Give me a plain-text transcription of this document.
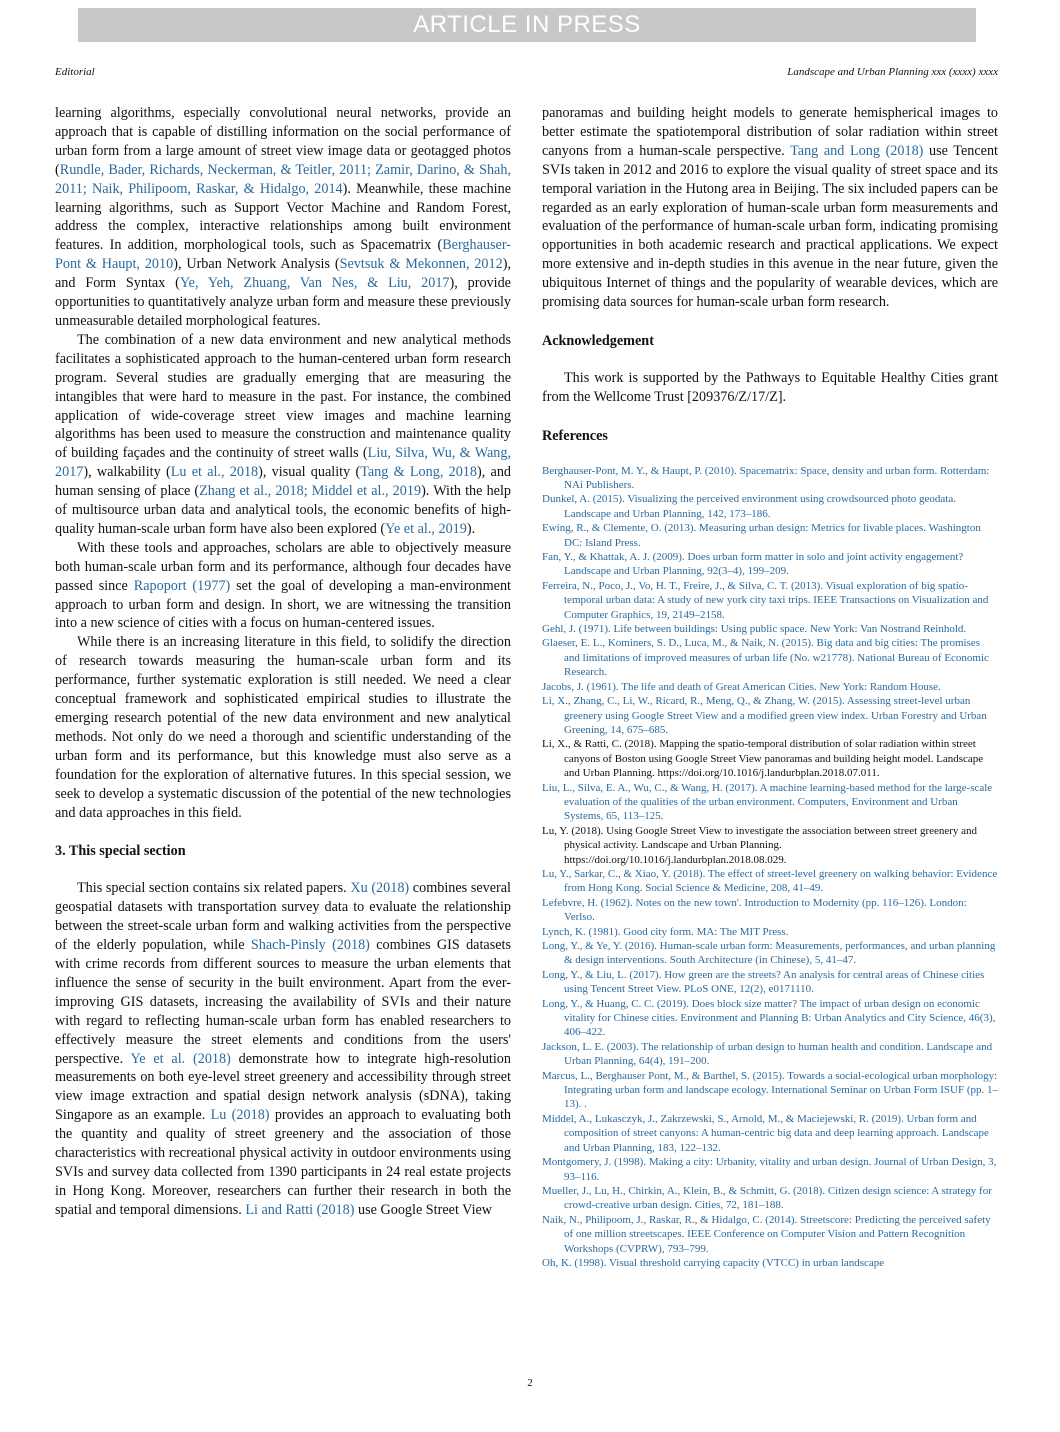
ARTICLE IN PRESS
Editorial	Landscape and Urban Planning xxx (xxxx) xxxx

learning algorithms, especially convolutional neural networks, provide an approach that is capable of distilling information on the social performance of urban form from a large amount of street view image data or geotagged photos (Rundle, Bader, Richards, Neckerman, & Teitler, 2011; Zamir, Darino, & Shah, 2011; Naik, Philipoom, Raskar, & Hidalgo, 2014). Meanwhile, these machine learning algorithms, such as Support Vector Machine and Random Forest, address the complex, interactive relationships among built environment features. In addition, morphological tools, such as Spacematrix (Berghauser-Pont & Haupt, 2010), Urban Network Analysis (Sevtsuk & Mekonnen, 2012), and Form Syntax (Ye, Yeh, Zhuang, Van Nes, & Liu, 2017), provide opportunities to quantitatively analyze urban form and measure these previously unmeasurable detailed morphological features.

The combination of a new data environment and new analytical methods facilitates a sophisticated approach to the human-centered urban form research program. Several studies are gradually emerging that are measuring the intangibles that were hard to measure in the past. For instance, the combined application of wide-coverage street view images and machine learning algorithms has been used to measure the construction and maintenance quality of building façades and the continuity of street walls (Liu, Silva, Wu, & Wang, 2017), walkability (Lu et al., 2018), visual quality (Tang & Long, 2018), and human sensing of place (Zhang et al., 2018; Middel et al., 2019). With the help of multisource urban data and analytical tools, the economic benefits of high-quality human-scale urban form have also been explored (Ye et al., 2019).

With these tools and approaches, scholars are able to objectively measure both human-scale urban form and its performance, although four decades have passed since Rapoport (1977) set the goal of developing a man-environment approach to urban form and design. In short, we are witnessing the transition into a new science of cities with a focus on human-centered issues.

While there is an increasing literature in this field, to solidify the direction of research towards measuring the human-scale urban form and its performance, further systematic exploration is still needed. We need a clear conceptual framework and sophisticated empirical studies to illustrate the emerging research potential of the new data environment and new analytical methods. Not only do we need a thorough and scientific understanding of the urban form and its performance, but this knowledge must also serve as a foundation for the exploration of alternative futures. In this special session, we seek to develop a systematic discussion of the potential of the new technologies and data approaches in this field.

3. This special section

This special section contains six related papers. Xu (2018) combines several geospatial datasets with transportation survey data to evaluate the relationship between the street-scale urban form and walking activities from the perspective of the elderly population, while Shach-Pinsly (2018) combines GIS datasets with crime records from different sources to measure the urban elements that influence the sense of security in the built environment. Apart from the ever-improving GIS datasets, increasing the availability of SVIs and their nature with regard to reflecting human-scale urban form has enabled researchers to effectively measure the street elements and conditions from the users' perspective. Ye et al. (2018) demonstrate how to integrate high-resolution measurements on both eye-level street greenery and accessibility through street view image extraction and spatial design network analysis (sDNA), taking Singapore as an example. Lu (2018) provides an approach to evaluating both the quantity and quality of street greenery and the association of those characteristics with recreational physical activity in outdoor environments using SVIs and survey data collected from 1390 participants in 24 real estate projects in Hong Kong. Moreover, researchers can further their research in both the spatial and temporal dimensions. Li and Ratti (2018) use Google Street View

panoramas and building height models to generate hemispherical images to better estimate the spatiotemporal distribution of solar radiation within street canyons from a human-scale perspective. Tang and Long (2018) use Tencent SVIs taken in 2012 and 2016 to explore the visual quality of street space and its temporal variation in the Hutong area in Beijing. The six included papers can be regarded as an early exploration of human-scale urban form measurements and evaluation of the performance of human-scale urban form, indicating promising opportunities in both academic research and practical applications. We expect more extensive and in-depth studies in this avenue in the near future, given the ubiquitous Internet of things and the popularity of wearable devices, which are promising data sources for human-scale urban form research.

Acknowledgement

This work is supported by the Pathways to Equitable Healthy Cities grant from the Wellcome Trust [209376/Z/17/Z].

References
Berghauser-Pont, M. Y., & Haupt, P. (2010). Spacematrix: Space, density and urban form. Rotterdam: NAi Publishers.
Dunkel, A. (2015). Visualizing the perceived environment using crowdsourced photo geodata. Landscape and Urban Planning, 142, 173–186.
Ewing, R., & Clemente, O. (2013). Measuring urban design: Metrics for livable places. Washington DC: Island Press.
Fan, Y., & Khattak, A. J. (2009). Does urban form matter in solo and joint activity engagement? Landscape and Urban Planning, 92(3–4), 199–209.
Ferreira, N., Poco, J., Vo, H. T., Freire, J., & Silva, C. T. (2013). Visual exploration of big spatio-temporal urban data: A study of new york city taxi trips. IEEE Transactions on Visualization and Computer Graphics, 19, 2149–2158.
Gehl, J. (1971). Life between buildings: Using public space. New York: Van Nostrand Reinhold.
Glaeser, E. L., Kominers, S. D., Luca, M., & Naik, N. (2015). Big data and big cities: The promises and limitations of improved measures of urban life (No. w21778). National Bureau of Economic Research.
Jacobs, J. (1961). The life and death of Great American Cities. New York: Random House.
Li, X., Zhang, C., Li, W., Ricard, R., Meng, Q., & Zhang, W. (2015). Assessing street-level urban greenery using Google Street View and a modified green view index. Urban Forestry and Urban Greening, 14, 675–685.
Li, X., & Ratti, C. (2018). Mapping the spatio-temporal distribution of solar radiation within street canyons of Boston using Google Street View panoramas and building height model. Landscape and Urban Planning. https://doi.org/10.1016/j.landurbplan.2018.07.011.
Liu, L., Silva, E. A., Wu, C., & Wang, H. (2017). A machine learning-based method for the large-scale evaluation of the qualities of the urban environment. Computers, Environment and Urban Systems, 65, 113–125.
Lu, Y. (2018). Using Google Street View to investigate the association between street greenery and physical activity. Landscape and Urban Planning. https://doi.org/10.1016/j.landurbplan.2018.08.029.
Lu, Y., Sarkar, C., & Xiao, Y. (2018). The effect of street-level greenery on walking behavior: Evidence from Hong Kong. Social Science & Medicine, 208, 41–49.
Lefebvre, H. (1962). Notes on the new town'. Introduction to Modernity (pp. 116–126). London: Verlso.
Lynch, K. (1981). Good city form. MA: The MIT Press.
Long, Y., & Ye, Y. (2016). Human-scale urban form: Measurements, performances, and urban planning & design interventions. South Architecture (in Chinese), 5, 41–47.
Long, Y., & Liu, L. (2017). How green are the streets? An analysis for central areas of Chinese cities using Tencent Street View. PLoS ONE, 12(2), e0171110.
Long, Y., & Huang, C. C. (2019). Does block size matter? The impact of urban design on economic vitality for Chinese cities. Environment and Planning B: Urban Analytics and City Science, 46(3), 406–422.
Jackson, L. E. (2003). The relationship of urban design to human health and condition. Landscape and Urban Planning, 64(4), 191–200.
Marcus, L., Berghauser Pont, M., & Barthel, S. (2015). Towards a social-ecological urban morphology: Integrating urban form and landscape ecology. International Seminar on Urban Form ISUF (pp. 1–13). .
Middel, A., Lukasczyk, J., Zakrzewski, S., Arnold, M., & Maciejewski, R. (2019). Urban form and composition of street canyons: A human-centric big data and deep learning approach. Landscape and Urban Planning, 183, 122–132.
Montgomery, J. (1998). Making a city: Urbanity, vitality and urban design. Journal of Urban Design, 3, 93–116.
Mueller, J., Lu, H., Chirkin, A., Klein, B., & Schmitt, G. (2018). Citizen design science: A strategy for crowd-creative urban design. Cities, 72, 181–188.
Naik, N., Philipoom, J., Raskar, R., & Hidalgo, C. (2014). Streetscore: Predicting the perceived safety of one million streetscapes. IEEE Conference on Computer Vision and Pattern Recognition Workshops (CVPRW), 793–799.
Oh, K. (1998). Visual threshold carrying capacity (VTCC) in urban landscape
2
